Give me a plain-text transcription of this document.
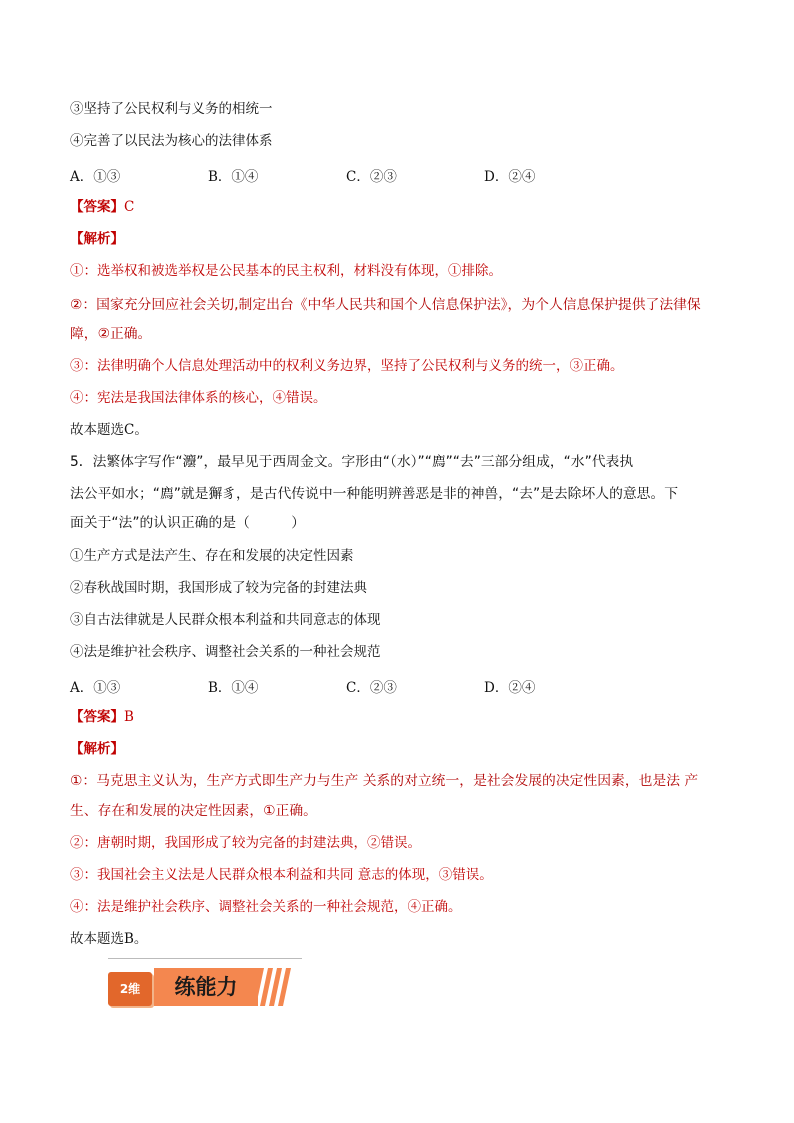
③坚持了公民权利与义务的相统一
④完善了以民法为核心的法律体系
A．①③	B．①④	C．②③	D．②④
【答案】C
【解析】
①：选举权和被选举权是公民基本的民主权利，材料没有体现，①排除。
②：国家充分回应社会关切,制定出台《中华人民共和国个人信息保护法》，为个人信息保护提供了法律保
障，②正确。
③：法律明确个人信息处理活动中的权利义务边界，坚持了公民权利与义务的统一，③正确。
④：宪法是我国法律体系的核心，④错误。
故本题选C。
5．法繁体字写作“灋”，最早见于西周金文。字形由“（水）”“廌”“去”三部分组成，“水”代表执
法公平如水；“廌”就是獬豸，是古代传说中一种能明辨善恶是非的神兽，“去”是去除坏人的意思。下
面关于“法”的认识正确的是（　　　）
①生产方式是法产生、存在和发展的决定性因素
②春秋战国时期，我国形成了较为完备的封建法典
③自古法律就是人民群众根本利益和共同意志的体现
④法是维护社会秩序、调整社会关系的一种社会规范
A．①③	B．①④	C．②③	D．②④
【答案】B
【解析】
①：马克思主义认为，生产方式即生产力与生产 关系的对立统一，是社会发展的决定性因素，也是法 产
生、存在和发展的决定性因素，①正确。
②：唐朝时期，我国形成了较为完备的封建法典，②错误。
③：我国社会主义法是人民群众根本利益和共同 意志的体现，③错误。
④：法是维护社会秩序、调整社会关系的一种社会规范，④正确。
故本题选B。
2维	练能力
